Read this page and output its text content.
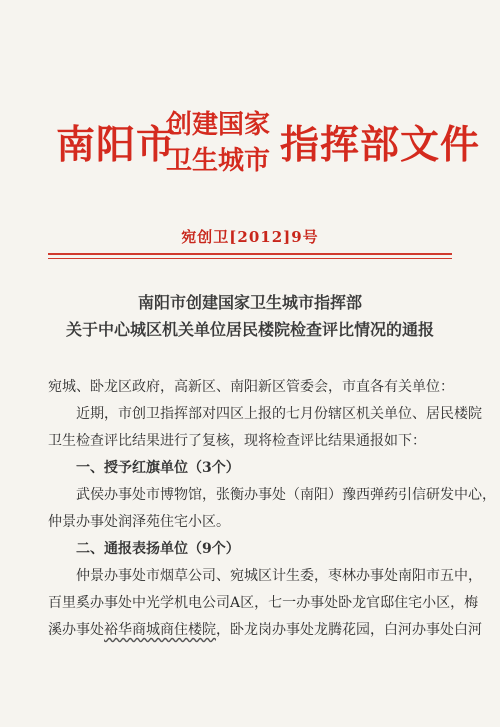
南阳市
创建国家
卫生城市 指挥部文件
宛创卫[2012]9号
南阳市创建国家卫生城市指挥部
关于中心城区机关单位居民楼院检查评比情况的通报
宛城、卧龙区政府，高新区、南阳新区管委会，市直各有关单位：
近期，市创卫指挥部对四区上报的七月份辖区机关单位、居民楼院
卫生检查评比结果进行了复核，现将检查评比结果通报如下：
一、授予红旗单位（3个）
武侯办事处市博物馆，张衡办事处（南阳）豫西弹药引信研发中心，
仲景办事处润泽苑住宅小区。
二、通报表扬单位（9个）
仲景办事处市烟草公司、宛城区计生委，枣林办事处南阳市五中，
百里奚办事处中光学机电公司A区，七一办事处卧龙官邸住宅小区，梅
溪办事处裕华商城商住楼院，卧龙岗办事处龙腾花园，白河办事处白河
